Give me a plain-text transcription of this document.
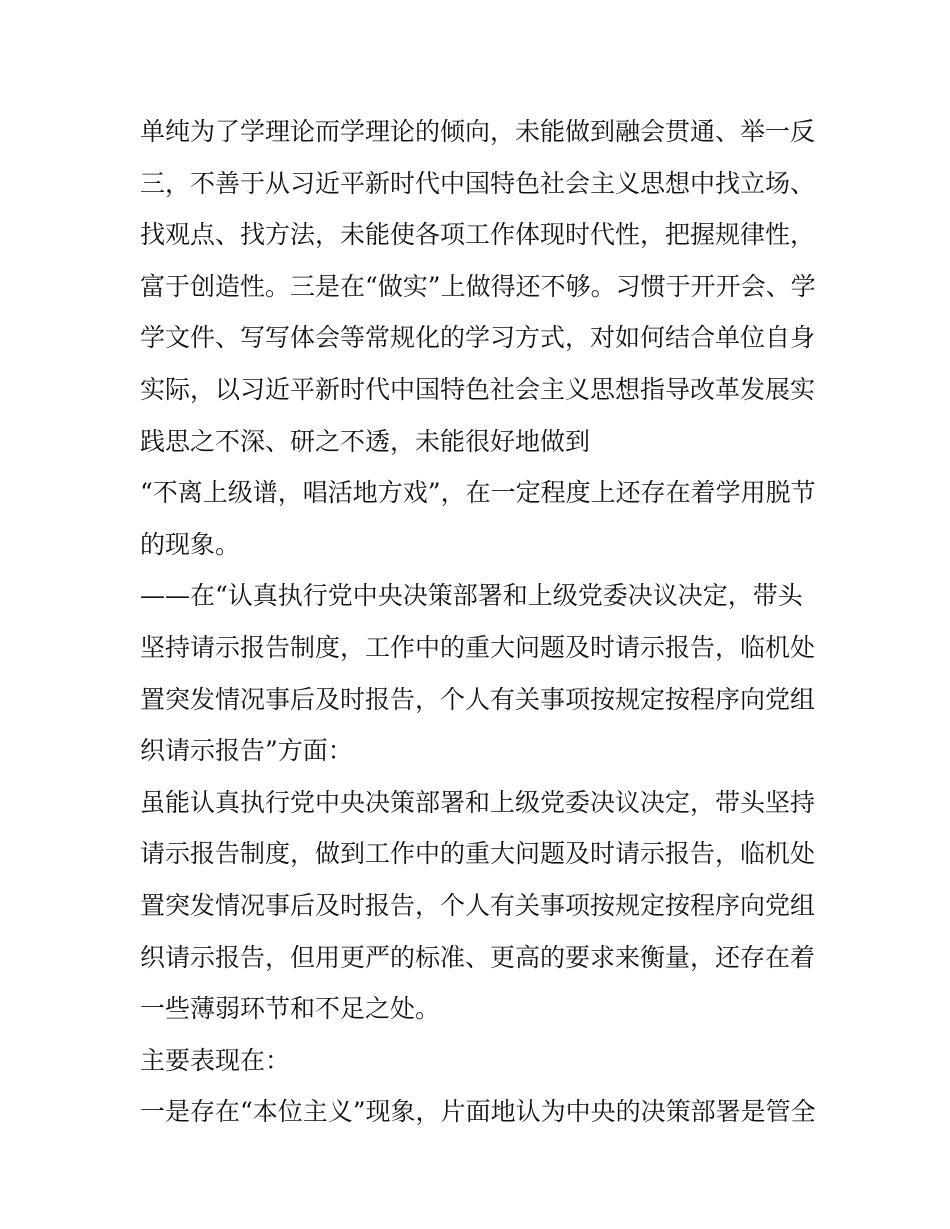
单纯为了学理论而学理论的倾向，未能做到融会贯通、举一反
三，不善于从习近平新时代中国特色社会主义思想中找立场、
找观点、找方法，未能使各项工作体现时代性，把握规律性，
富于创造性。三是在“做实”上做得还不够。习惯于开开会、学
学文件、写写体会等常规化的学习方式，对如何结合单位自身
实际，以习近平新时代中国特色社会主义思想指导改革发展实
践思之不深、研之不透，未能很好地做到
“不离上级谱，唱活地方戏”，在一定程度上还存在着学用脱节
的现象。
——在“认真执行党中央决策部署和上级党委决议决定，带头
坚持请示报告制度，工作中的重大问题及时请示报告，临机处
置突发情况事后及时报告，个人有关事项按规定按程序向党组
织请示报告”方面：
虽能认真执行党中央决策部署和上级党委决议决定，带头坚持
请示报告制度，做到工作中的重大问题及时请示报告，临机处
置突发情况事后及时报告，个人有关事项按规定按程序向党组
织请示报告，但用更严的标准、更高的要求来衡量，还存在着
一些薄弱环节和不足之处。
主要表现在：
一是存在“本位主义”现象，片面地认为中央的决策部署是管全
